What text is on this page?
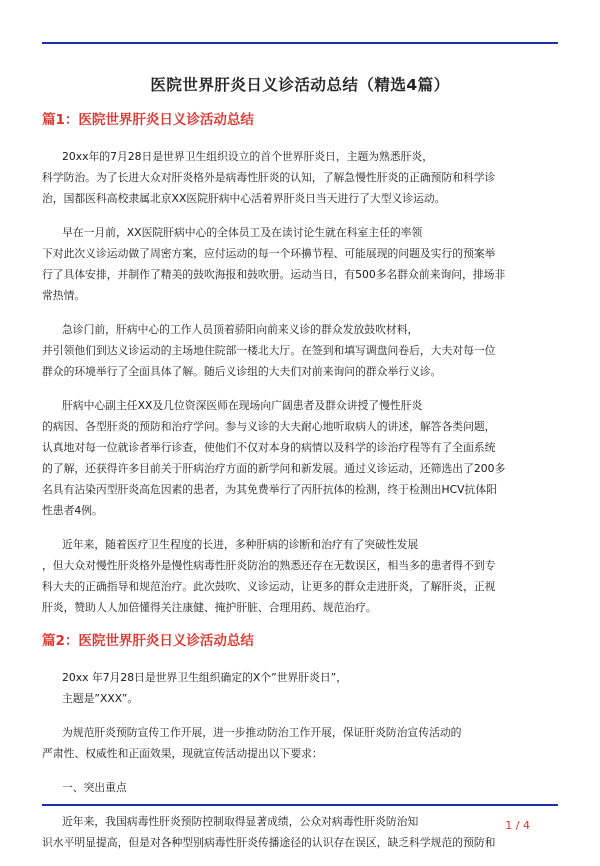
医院世界肝炎日义诊活动总结（精选4篇）
篇1：医院世界肝炎日义诊活动总结
20xx年的7月28日是世界卫生组织设立的首个世界肝炎日，主题为熟悉肝炎，
科学防治。为了长进大众对肝炎格外是病毒性肝炎的认知，了解急慢性肝炎的正确预防和科学诊
治，国都医科高校隶属北京XX医院肝病中心活着界肝炎日当天进行了大型义诊运动。
早在一月前，XX医院肝病中心的全体员工及在读讨论生就在科室主任的率领
下对此次义诊运动做了周密方案，应付运动的每一个环擤节程、可能展现的问题及实行的预案举
行了具体安排，并制作了精美的鼓吹海报和鼓吹册。运动当日，有500多名群众前来询问，排场非
常热情。
急诊门前，肝病中心的工作人员顶着骄阳向前来义诊的群众发放鼓吹材料，
并引领他们到达义诊运动的主场地住院部一楼北大厅。在签到和填写调盘问卷后，大夫对每一位
群众的环境举行了全面具体了解。随后义诊组的大夫们对前来询问的群众举行义诊。
肝病中心副主任XX及几位资深医师在现场向广阔患者及群众讲授了慢性肝炎
的病因、各型肝炎的预防和治疗学问。参与义诊的大夫耐心地听取病人的讲述，解答各类问题，
认真地对每一位就诊者举行诊查，使他们不仅对本身的病情以及科学的诊治疗程等有了全面系统
的了解，还获得许多目前关于肝病治疗方面的新学问和新发展。通过义诊运动，还筛选出了200多
名具有沾染丙型肝炎高危因素的患者，为其免费举行了丙肝抗体的检测，终于检测出HCV抗体阳
性患者4例。
近年来，随着医疗卫生程度的长进，多种肝病的诊断和治疗有了突破性发展
，但大众对慢性肝炎格外是慢性病毒性肝炎防治的熟悉还存在无数误区，相当多的患者得不到专
科大夫的正确指导和规范治疗。此次鼓吹、义诊运动，让更多的群众走进肝炎，了解肝炎，正视
肝炎，赞助人人加倍懂得关注康健、掩护肝脏、合理用药、规范治疗。
篇2：医院世界肝炎日义诊活动总结
20xx 年7月28日是世界卫生组织确定的X个”世界肝炎日”，
主题是”XXX”。
为规范肝炎预防宣传工作开展，进一步推动防治工作开展，保证肝炎防治宣传活动的
严肃性、权威性和正面效果，现就宣传活动提出以下要求：
一、突出重点
近年来，我国病毒性肝炎预防控制取得显著成绩，公众对病毒性肝炎防治知
识水平明显提高，但是对各种型别病毒性肝炎传播途径的认识存在误区，缺乏科学规范的预防和
1 / 4
